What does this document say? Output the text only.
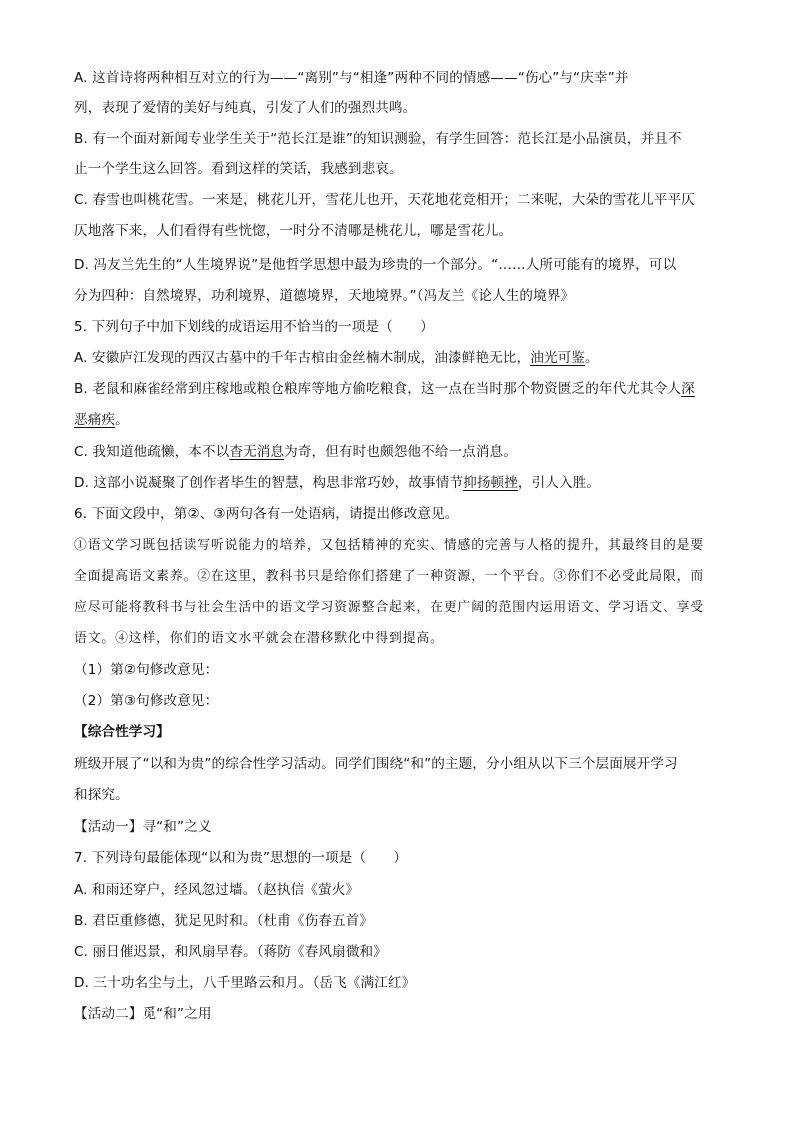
A. 这首诗将两种相互对立的行为——“离别”与“相逢”两种不同的情感——“伤心”与“庆幸”并
列，表现了爱情的美好与纯真，引发了人们的强烈共鸣。
B. 有一个面对新闻专业学生关于“范长江是谁”的知识测验，有学生回答：范长江是小品演员，并且不
止一个学生这么回答。看到这样的笑话，我感到悲哀。
C. 春雪也叫桃花雪。一来是，桃花儿开，雪花儿也开，天花地花竞相开；二来呢，大朵的雪花儿平平仄
仄地落下来，人们看得有些恍惚，一时分不清哪是桃花儿，哪是雪花儿。
D. 冯友兰先生的“人生境界说”是他哲学思想中最为珍贵的一个部分。“……人所可能有的境界，可以
分为四种：自然境界，功利境界，道德境界，天地境界。”（冯友兰《论人生的境界》
5. 下列句子中加下划线的成语运用不恰当的一项是（　　）
A. 安徽庐江发现的西汉古墓中的千年古棺由金丝楠木制成，油漆鲜艳无比，油光可鉴。
B. 老鼠和麻雀经常到庄稼地或粮仓粮库等地方偷吃粮食，这一点在当时那个物资匮乏的年代尤其令人深
恶痛疾。
C. 我知道他疏懒，本不以杳无消息为奇，但有时也颇怨他不给一点消息。
D. 这部小说凝聚了创作者毕生的智慧，构思非常巧妙，故事情节抑扬顿挫，引人入胜。
6. 下面文段中，第②、③两句各有一处语病，请提出修改意见。
①语文学习既包括读写听说能力的培养，又包括精神的充实、情感的完善与人格的提升，其最终目的是要
全面提高语文素养。②在这里，教科书只是给你们搭建了一种资源，一个平台。③你们不必受此局限，而
应尽可能将教科书与社会生活中的语文学习资源整合起来，在更广阔的范围内运用语文、学习语文、享受
语文。④这样，你们的语文水平就会在潜移默化中得到提高。
（1）第②句修改意见：
（2）第③句修改意见：
【综合性学习】
班级开展了“以和为贵”的综合性学习活动。同学们围绕“和”的主题，分小组从以下三个层面展开学习
和探究。
【活动一】寻“和”之义
7. 下列诗句最能体现“以和为贵”思想的一项是（　　）
A. 和雨还穿户，经风忽过墙。（赵执信《萤火》
B. 君臣重修德，犹足见时和。（杜甫《伤春五首》
C. 丽日催迟景，和风扇早春。（蒋防《春风扇微和》
D. 三十功名尘与土，八千里路云和月。（岳飞《满江红》
【活动二】觅“和”之用
